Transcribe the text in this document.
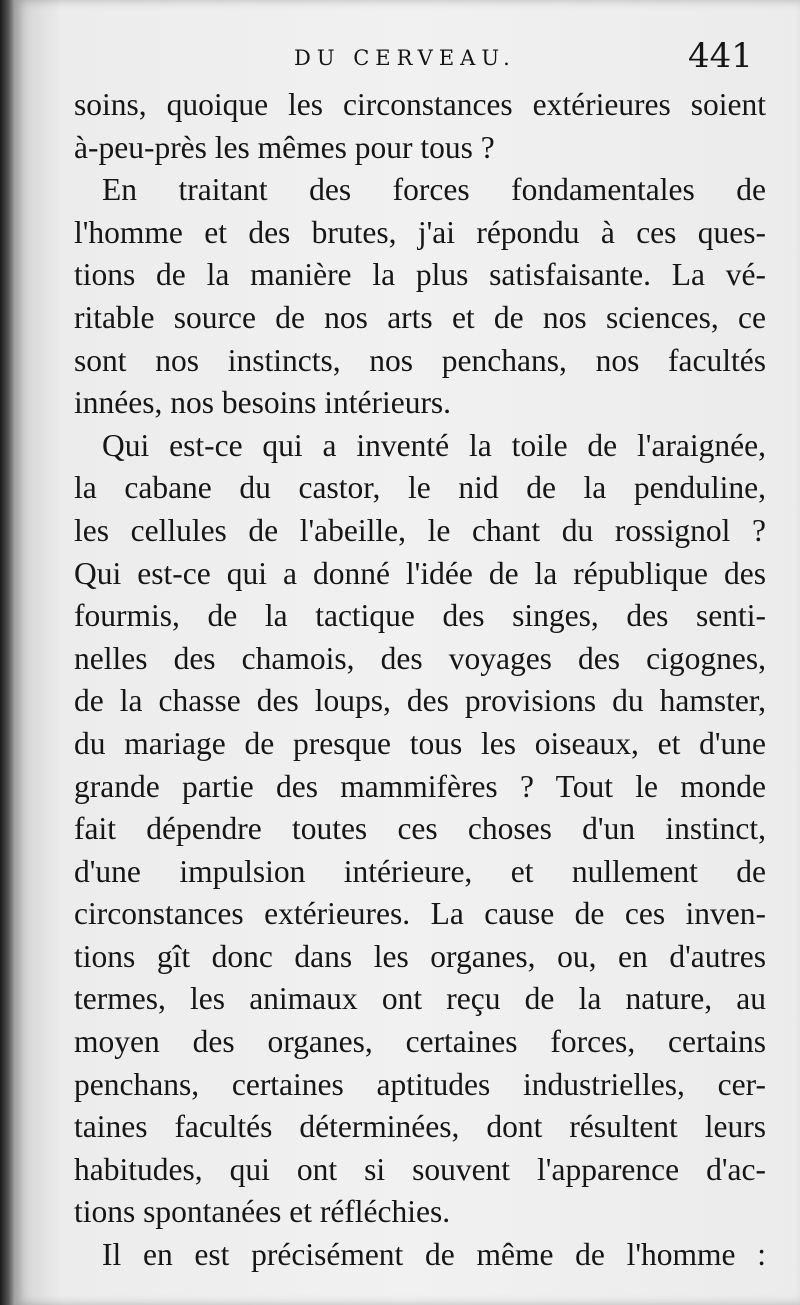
DU CERVEAU.	441
soins, quoique les circonstances extérieures soient
à-peu-près les mêmes pour tous ?
En traitant des forces fondamentales de
l'homme et des brutes, j'ai répondu à ces ques-
tions de la manière la plus satisfaisante. La vé-
ritable source de nos arts et de nos sciences, ce
sont nos instincts, nos penchans, nos facultés
innées, nos besoins intérieurs.
Qui est-ce qui a inventé la toile de l'araignée,
la cabane du castor, le nid de la penduline,
les cellules de l'abeille, le chant du rossignol ?
Qui est-ce qui a donné l'idée de la république des
fourmis, de la tactique des singes, des senti-
nelles des chamois, des voyages des cigognes,
de la chasse des loups, des provisions du hamster,
du mariage de presque tous les oiseaux, et d'une
grande partie des mammifères ? Tout le monde
fait dépendre toutes ces choses d'un instinct,
d'une impulsion intérieure, et nullement de
circonstances extérieures. La cause de ces inven-
tions gît donc dans les organes, ou, en d'autres
termes, les animaux ont reçu de la nature, au
moyen des organes, certaines forces, certains
penchans, certaines aptitudes industrielles, cer-
taines facultés déterminées, dont résultent leurs
habitudes, qui ont si souvent l'apparence d'ac-
tions spontanées et réfléchies.
Il en est précisément de même de l'homme :
